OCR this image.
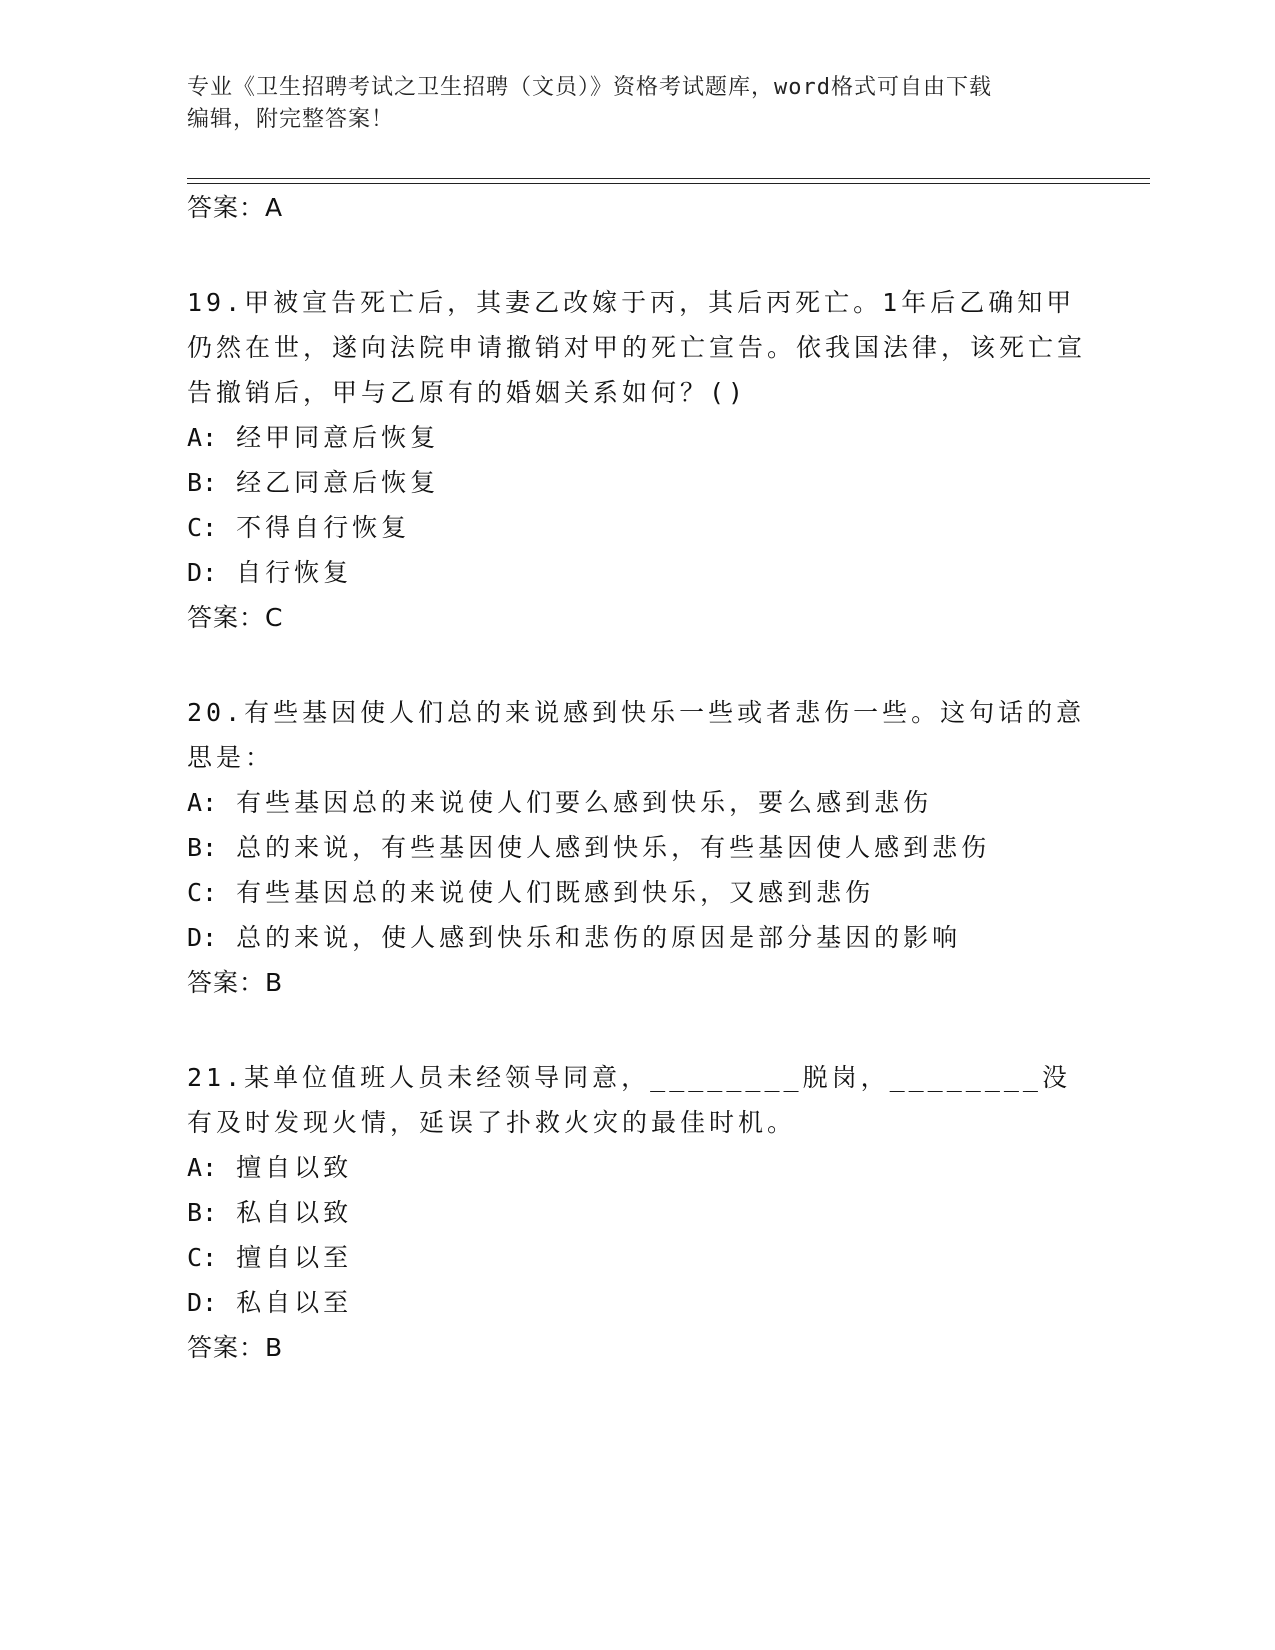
专业《卫生招聘考试之卫生招聘（文员）》资格考试题库，word格式可自由下载
编辑，附完整答案！
答案：A
19.甲被宣告死亡后，其妻乙改嫁于丙，其后丙死亡。1年后乙确知甲仍然在世，遂向法院申请撤销对甲的死亡宣告。依我国法律，该死亡宣告撤销后，甲与乙原有的婚姻关系如何？()
A: 经甲同意后恢复
B: 经乙同意后恢复
C: 不得自行恢复
D: 自行恢复
答案：C
20.有些基因使人们总的来说感到快乐一些或者悲伤一些。这句话的意思是：
A: 有些基因总的来说使人们要么感到快乐，要么感到悲伤
B: 总的来说，有些基因使人感到快乐，有些基因使人感到悲伤
C: 有些基因总的来说使人们既感到快乐，又感到悲伤
D: 总的来说，使人感到快乐和悲伤的原因是部分基因的影响
答案：B
21.某单位值班人员未经领导同意，________脱岗，________没有及时发现火情，延误了扑救火灾的最佳时机。
A: 擅自以致
B: 私自以致
C: 擅自以至
D: 私自以至
答案：B
